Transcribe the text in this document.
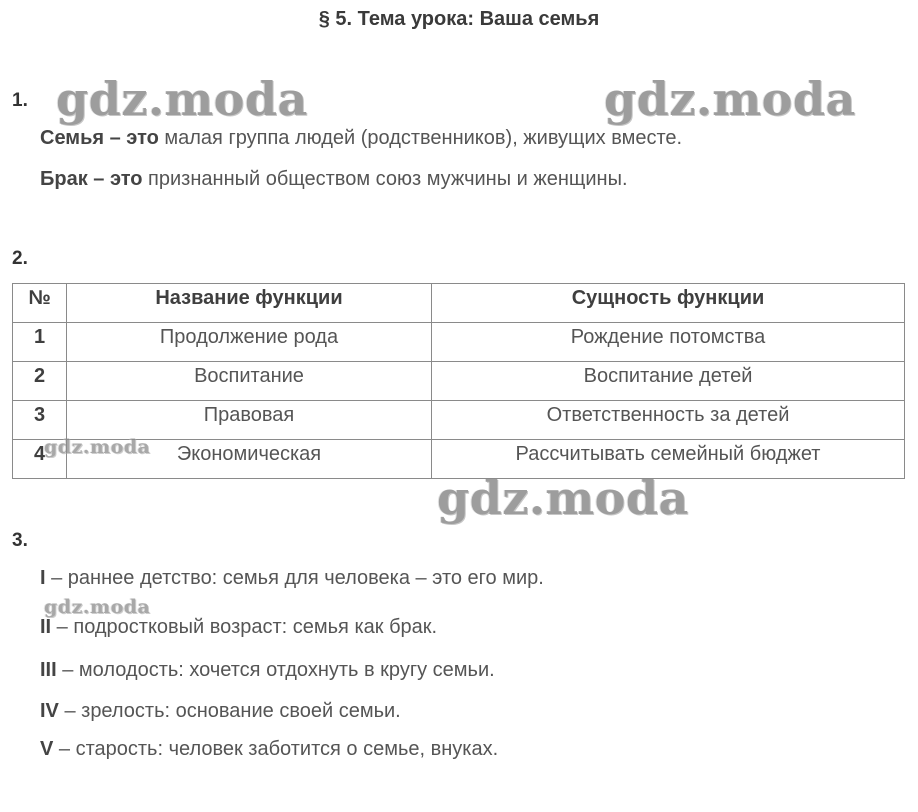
§ 5. Тема урока: Ваша семья
1.
Семья – это малая группа людей (родственников), живущих вместе.
Брак – это признанный обществом союз мужчины и женщины.
2.
№	Название функции	Сущность функции
1	Продолжение рода	Рождение потомства
2	Воспитание	Воспитание детей
3	Правовая	Ответственность за детей
4	Экономическая	Рассчитывать семейный бюджет
3.
I – раннее детство: семья для человека – это его мир.
II – подростковый возраст: семья как брак.
III – молодость: хочется отдохнуть в кругу семьи.
IV – зрелость: основание своей семьи.
V – старость: человек заботится о семье, внуках.
gdz.moda	gdz.moda
gdz.moda
gdz.moda
gdz.moda
